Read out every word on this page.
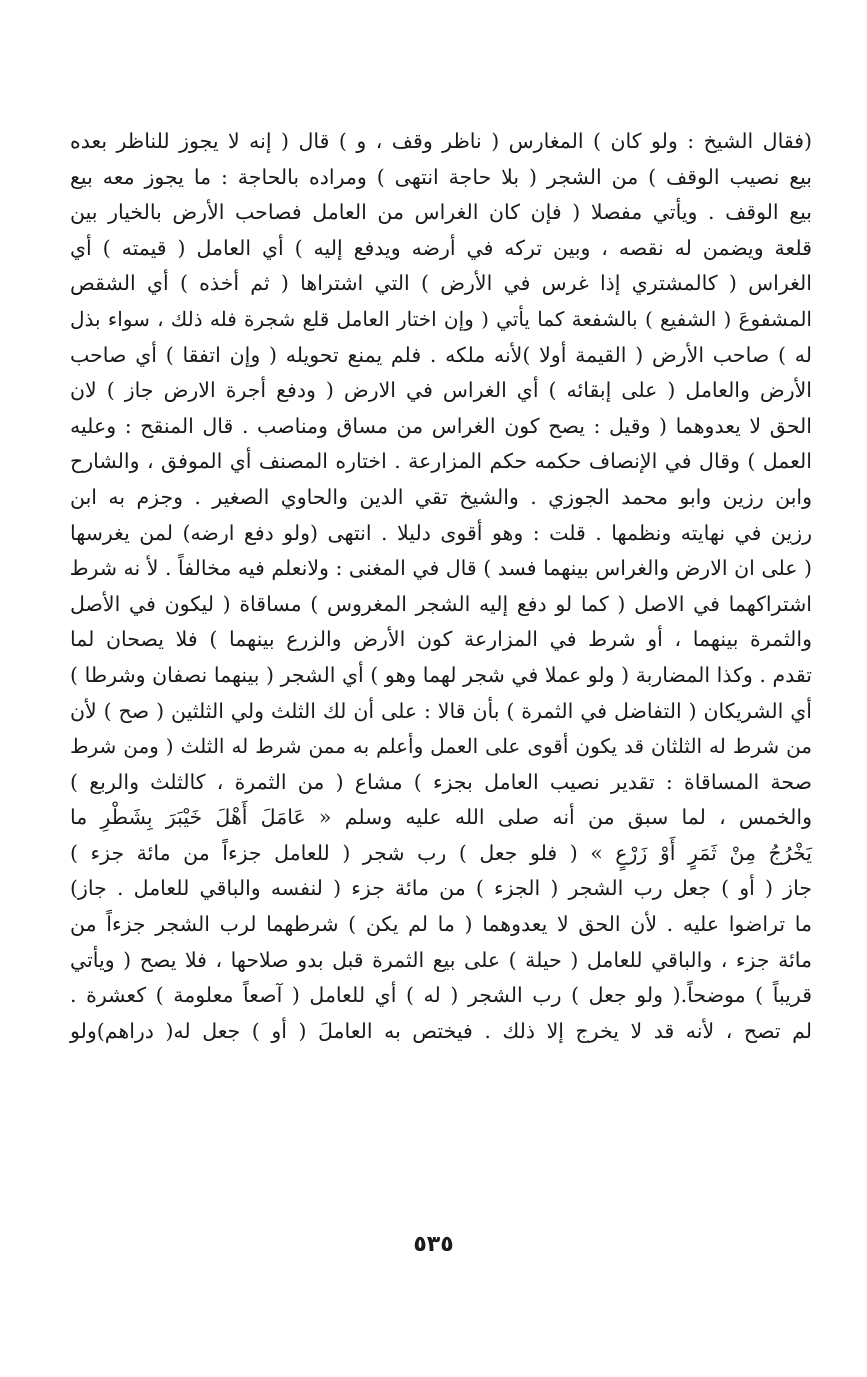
(فقال الشيخ : ولو كان ) المغارس ( ناظر وقف ، و ) قال ( إنه لا يجوز للناظر بعده
بيع نصيب الوقف ) من الشجر ( بلا حاجة انتهى ) ومراده بالحاجة : ما يجوز معه بيع
بيع الوقف . ويأتي مفصلا ( فإن كان الغراس من العامل فصاحب الأرض بالخيار بين
قلعة ويضمن له نقصه ، وبين تركه في أرضه ويدفع إليه ) أي العامل ( قيمته ) أي
الغراس ( كالمشتري إذا غرس في الأرض ) التي اشتراها ( ثم أخذه ) أي الشقص
المشفوعَ ( الشفيع ) بالشفعة كما يأتي ( وإن اختار العامل قلع شجرة فله ذلك ، سواء بذل
له ) صاحب الأرض ( القيمة أولا )لأنه ملكه . فلم يمنع تحويله ( وإن اتفقا ) أي صاحب
الأرض والعامل ( على إبقائه ) أي الغراس في الارض ( ودفع أجرة الارض جاز ) لان
الحق لا يعدوهما ( وقيل : يصح كون الغراس من مساق ومناصب . قال المنقح : وعليه
العمل ) وقال في الإنصاف حكمه حكم المزارعة . اختاره المصنف أي الموفق ، والشارح
وابن رزين وابو محمد الجوزي . والشيخ تقي الدين والحاوي الصغير . وجزم به ابن
رزين في نهايته ونظمها . قلت : وهو أقوى دليلا . انتهى (ولو دفع ارضه) لمن يغرسها
( على ان الارض والغراس بينهما فسد ) قال في المغنى : ولانعلم فيه مخالفاً . لأ نه شرط
اشتراكهما في الاصل ( كما لو دفع إليه الشجر المغروس ) مساقاة ( ليكون في الأصل
والثمرة بينهما ، أو شرط في المزارعة كون الأرض والزرع بينهما ) فلا يصحان لما
تقدم . وكذا المضاربة ( ولو عملا في شجر لهما وهو ) أي الشجر ( بينهما نصفان وشرطا )
أي الشريكان ( التفاضل في الثمرة ) بأن قالا : على أن لك الثلث ولي الثلثين ( صح ) لأن
من شرط له الثلثان قد يكون أقوى على العمل وأعلم به ممن شرط له الثلث ( ومن شرط
صحة المساقاة : تقدير نصيب العامل بجزء ) مشاع ( من الثمرة ، كالثلث والربع )
والخمس ، لما سبق من أنه صلى الله عليه وسلم « عَامَلَ أَهْلَ خَيْبَرَ بِشَطْرِ ما
يَخْرُجُ مِنْ ثَمَرٍ أَوْ زَرْعٍ » ( فلو جعل ) رب شجر ( للعامل جزءاً من مائة جزء )
جاز ( أو ) جعل رب الشجر ( الجزء ) من مائة جزء ( لنفسه والباقي للعامل . جاز)
ما تراضوا عليه . لأن الحق لا يعدوهما ( ما لم يكن ) شرطهما لرب الشجر جزءاً من
مائة جزء ، والباقي للعامل ( حيلة ) على بيع الثمرة قبل بدو صلاحها ، فلا يصح ( ويأتي
قريباً ) موضحاً.( ولو جعل ) رب الشجر ( له ) أي للعامل ( آصعاً معلومة ) كعشرة .
لم تصح ، لأنه قد لا يخرج إلا ذلك . فيختص به العاملَ ( أو ) جعل له( دراهم)ولو
٥٣٥
